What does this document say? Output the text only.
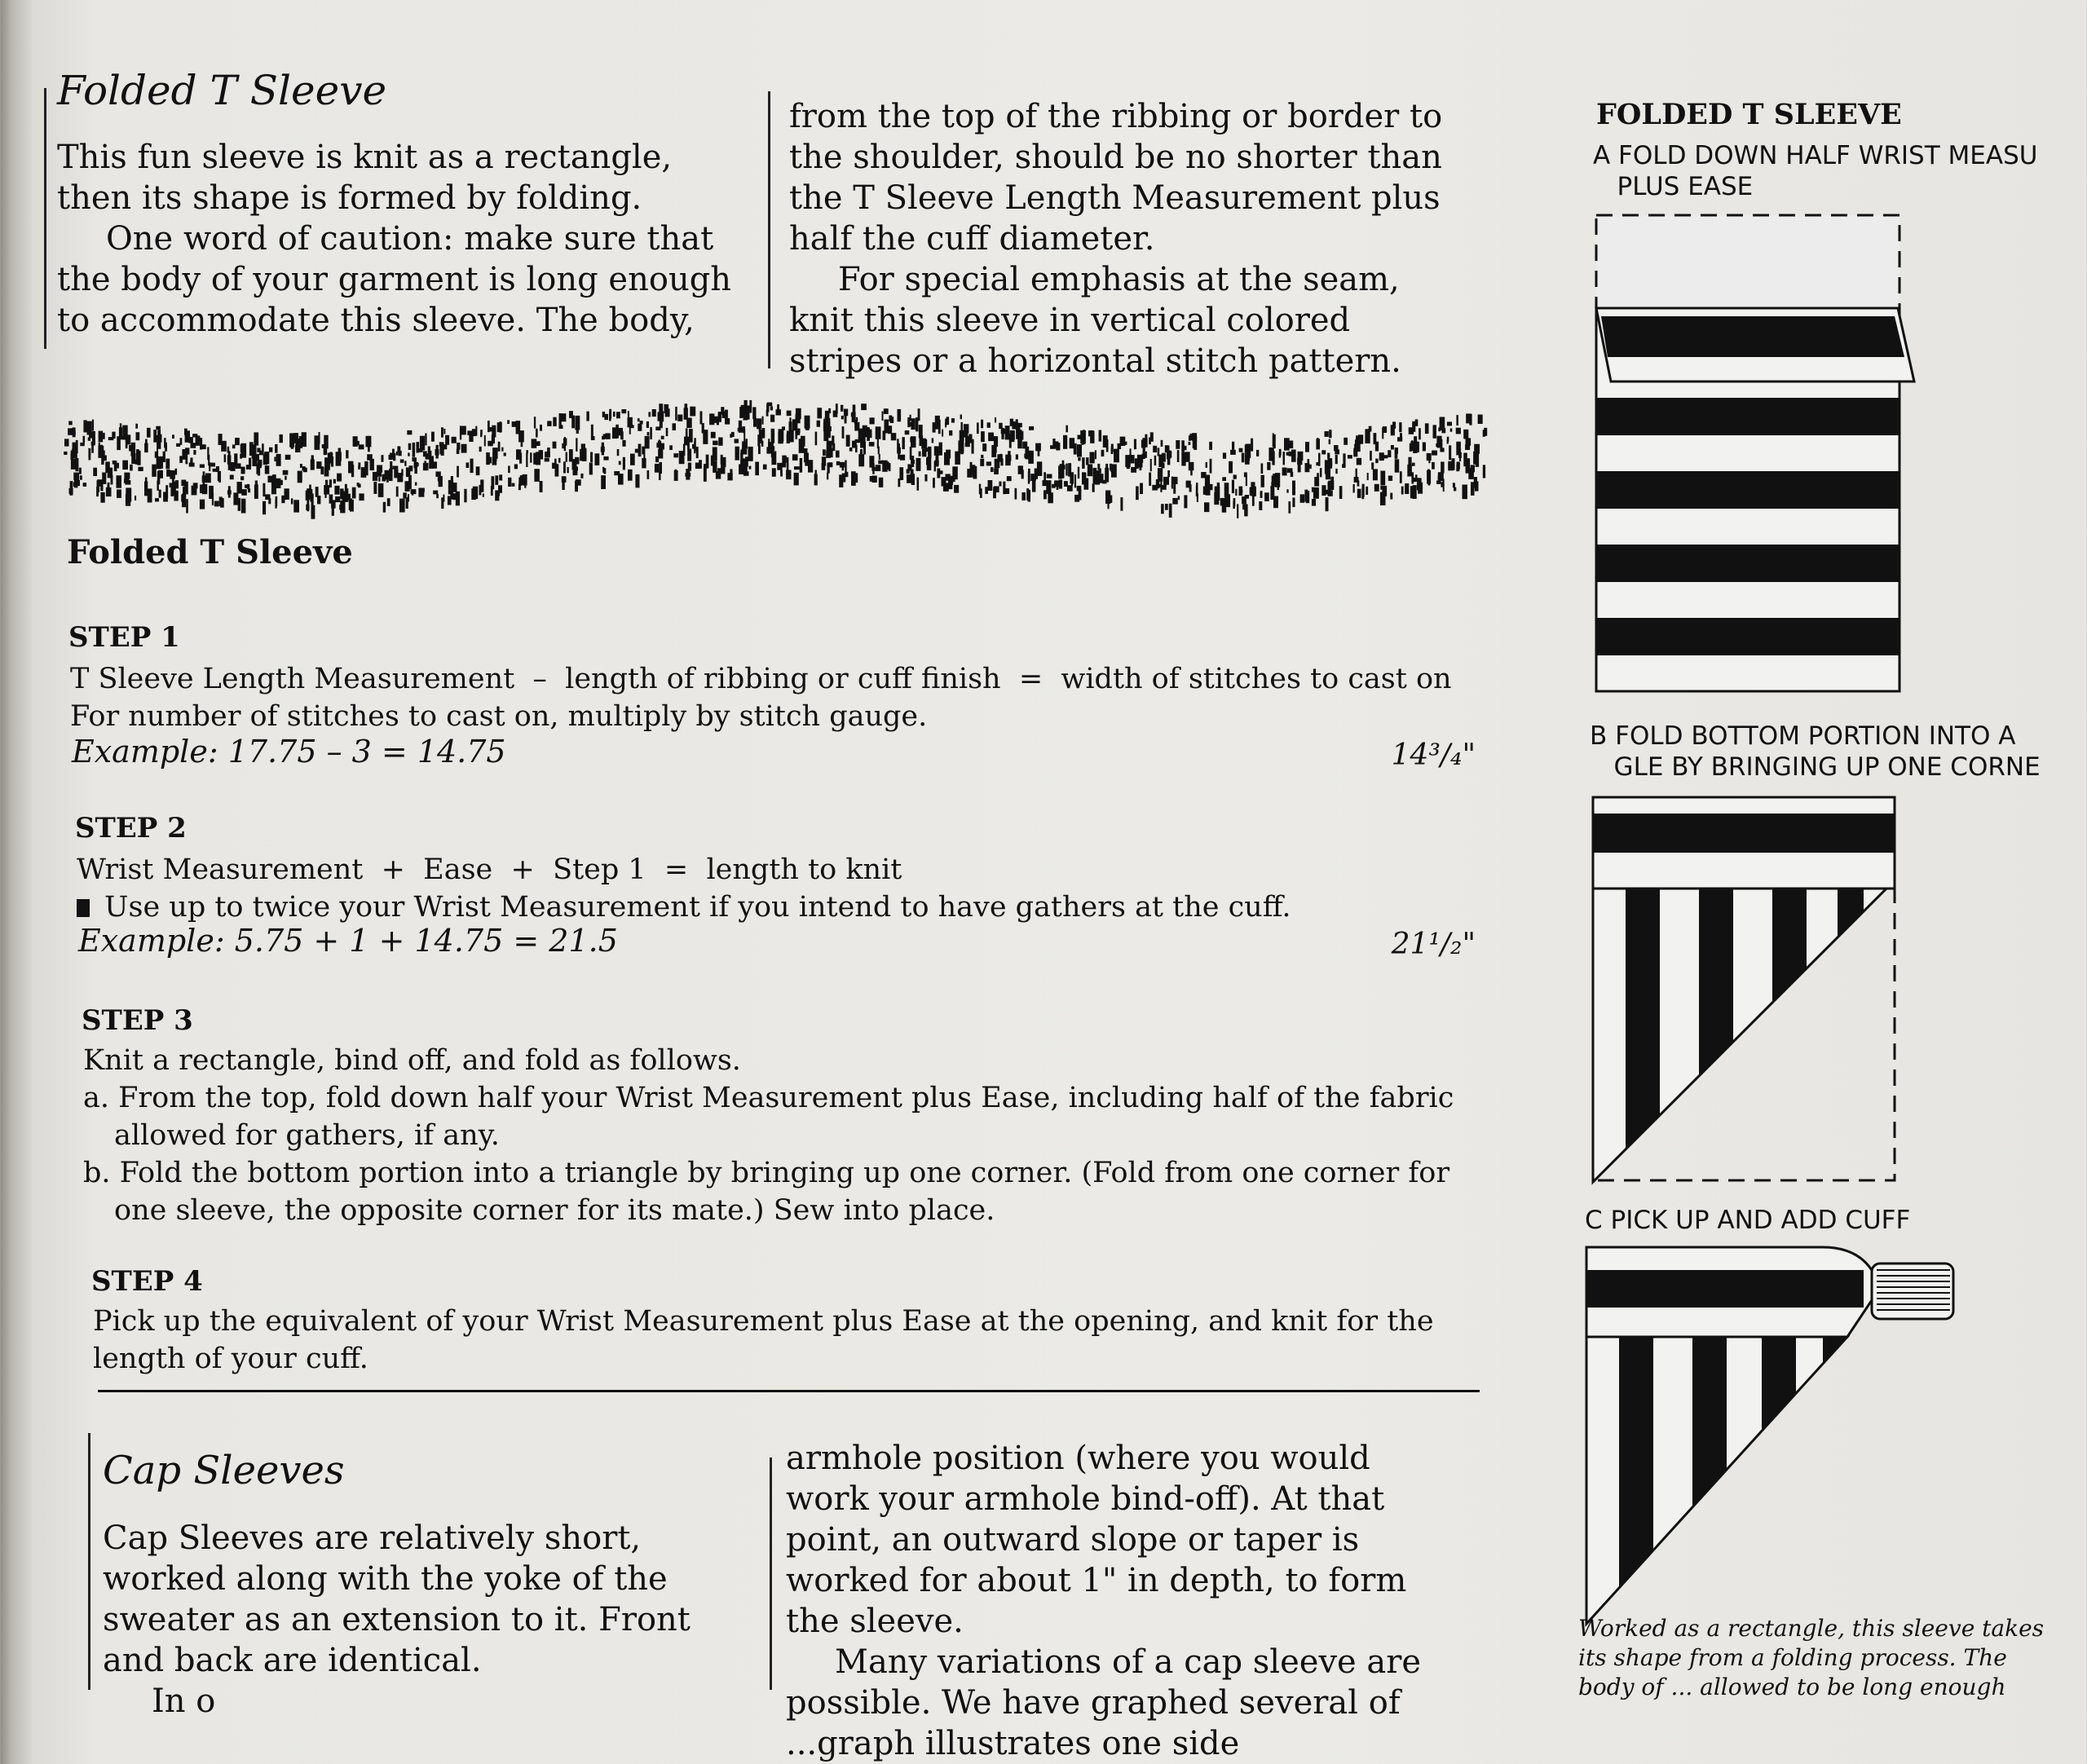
Folded T Sleeve

This fun sleeve is knit as a rectangle, then its shape is formed by folding.

One word of caution: make sure that the body of your garment is long enough to accommodate this sleeve. The body,

from the top of the ribbing or border to the shoulder, should be no shorter than the T Sleeve Length Measurement plus half the cuff diameter.

For special emphasis at the seam, knit this sleeve in vertical colored stripes or a horizontal stitch pattern.

Folded T Sleeve
STEP 1

T Sleeve Length Measurement  –  length of ribbing or cuff finish  =  width of stitches to cast on

For number of stitches to cast on, multiply by stitch gauge.

Example: 17.75 – 3 = 14.75	14³/₄"
STEP 2

Wrist Measurement  +  Ease  +  Step 1  =  length to knit

Use up to twice your Wrist Measurement if you intend to have gathers at the cuff.

Example: 5.75 + 1 + 14.75 = 21.5	21¹/₂"
STEP 3

Knit a rectangle, bind off, and fold as follows.

a. From the top, fold down half your Wrist Measurement plus Ease, including half of the fabric allowed for gathers, if any.

b. Fold the bottom portion into a triangle by bringing up one corner. (Fold from one corner for one sleeve, the opposite corner for its mate.) Sew into place.

STEP 4
Pick up the equivalent of your Wrist Measurement plus Ease at the opening, and knit for the length of your cuff.
Cap Sleeves

Cap Sleeves are relatively short, worked along with the yoke of the sweater as an extension to it. Front and back are identical.

In o

armhole position (where you would work your armhole bind-off). At that point, an outward slope or taper is worked for about 1" in depth, to form the sleeve.

Many variations of a cap sleeve are possible. We have graphed several of

...graph illustrates one side

FOLDED T SLEEVE
A FOLD DOWN HALF WRIST MEASU
PLUS EASE
B FOLD BOTTOM PORTION INTO A
GLE BY BRINGING UP ONE CORNE
C PICK UP AND ADD CUFF
Worked as a rectangle, this sleeve takes its shape from a folding process. The body of ... allowed to be long enough
